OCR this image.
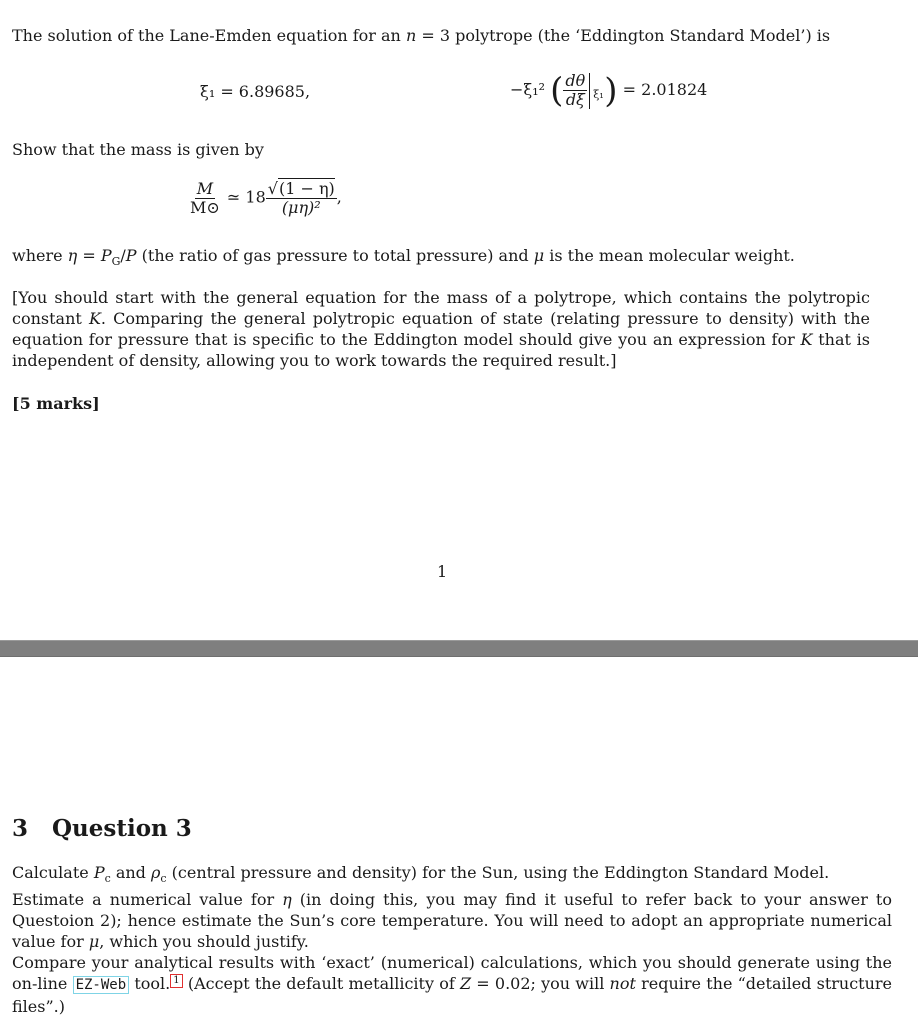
The solution of the Lane-Emden equation for an n = 3 polytrope (the ‘Eddington Standard Model’) is
ξ₁ = 6.89685,	−ξ₁² ( $\frac{d\theta}{d\xi} \xi_1$ ) = 2.01824
Show that the mass is given by
$\frac{M}{M⊙}$ ≃ $18 \frac{√(1 - \eta)}{\text{(μη)²}}$ ,
where $\eta = P_G/P$ (the ratio of gas pressure to total pressure) and μ is the mean molecular weight.
[You should start with the general equation for the mass of a polytrope, which contains the polytropic constant K. Comparing the general polytropic equation of state (relating pressure to density) with the equation for pressure that is specific to the Eddington model should give you an expression for K that is independent of density, allowing you to work towards the required result.]
[5 marks]
1
3 Question 3
Calculate $P_c$ and $\rho_c$ (central pressure and density) for the Sun, using the Eddington Standard Model.
Estimate a numerical value for η (in doing this, you may find it useful to refer back to your answer to Questoion 2); hence estimate the Sun’s core temperature. You will need to adopt an appropriate numerical value for μ, which you should justify.
Compare your analytical results with ‘exact’ (numerical) calculations, which you should generate using the on-line EZ-Web tool. 1 (Accept the default metallicity of Z = 0.02; you will not require the “detailed structure files”.)
